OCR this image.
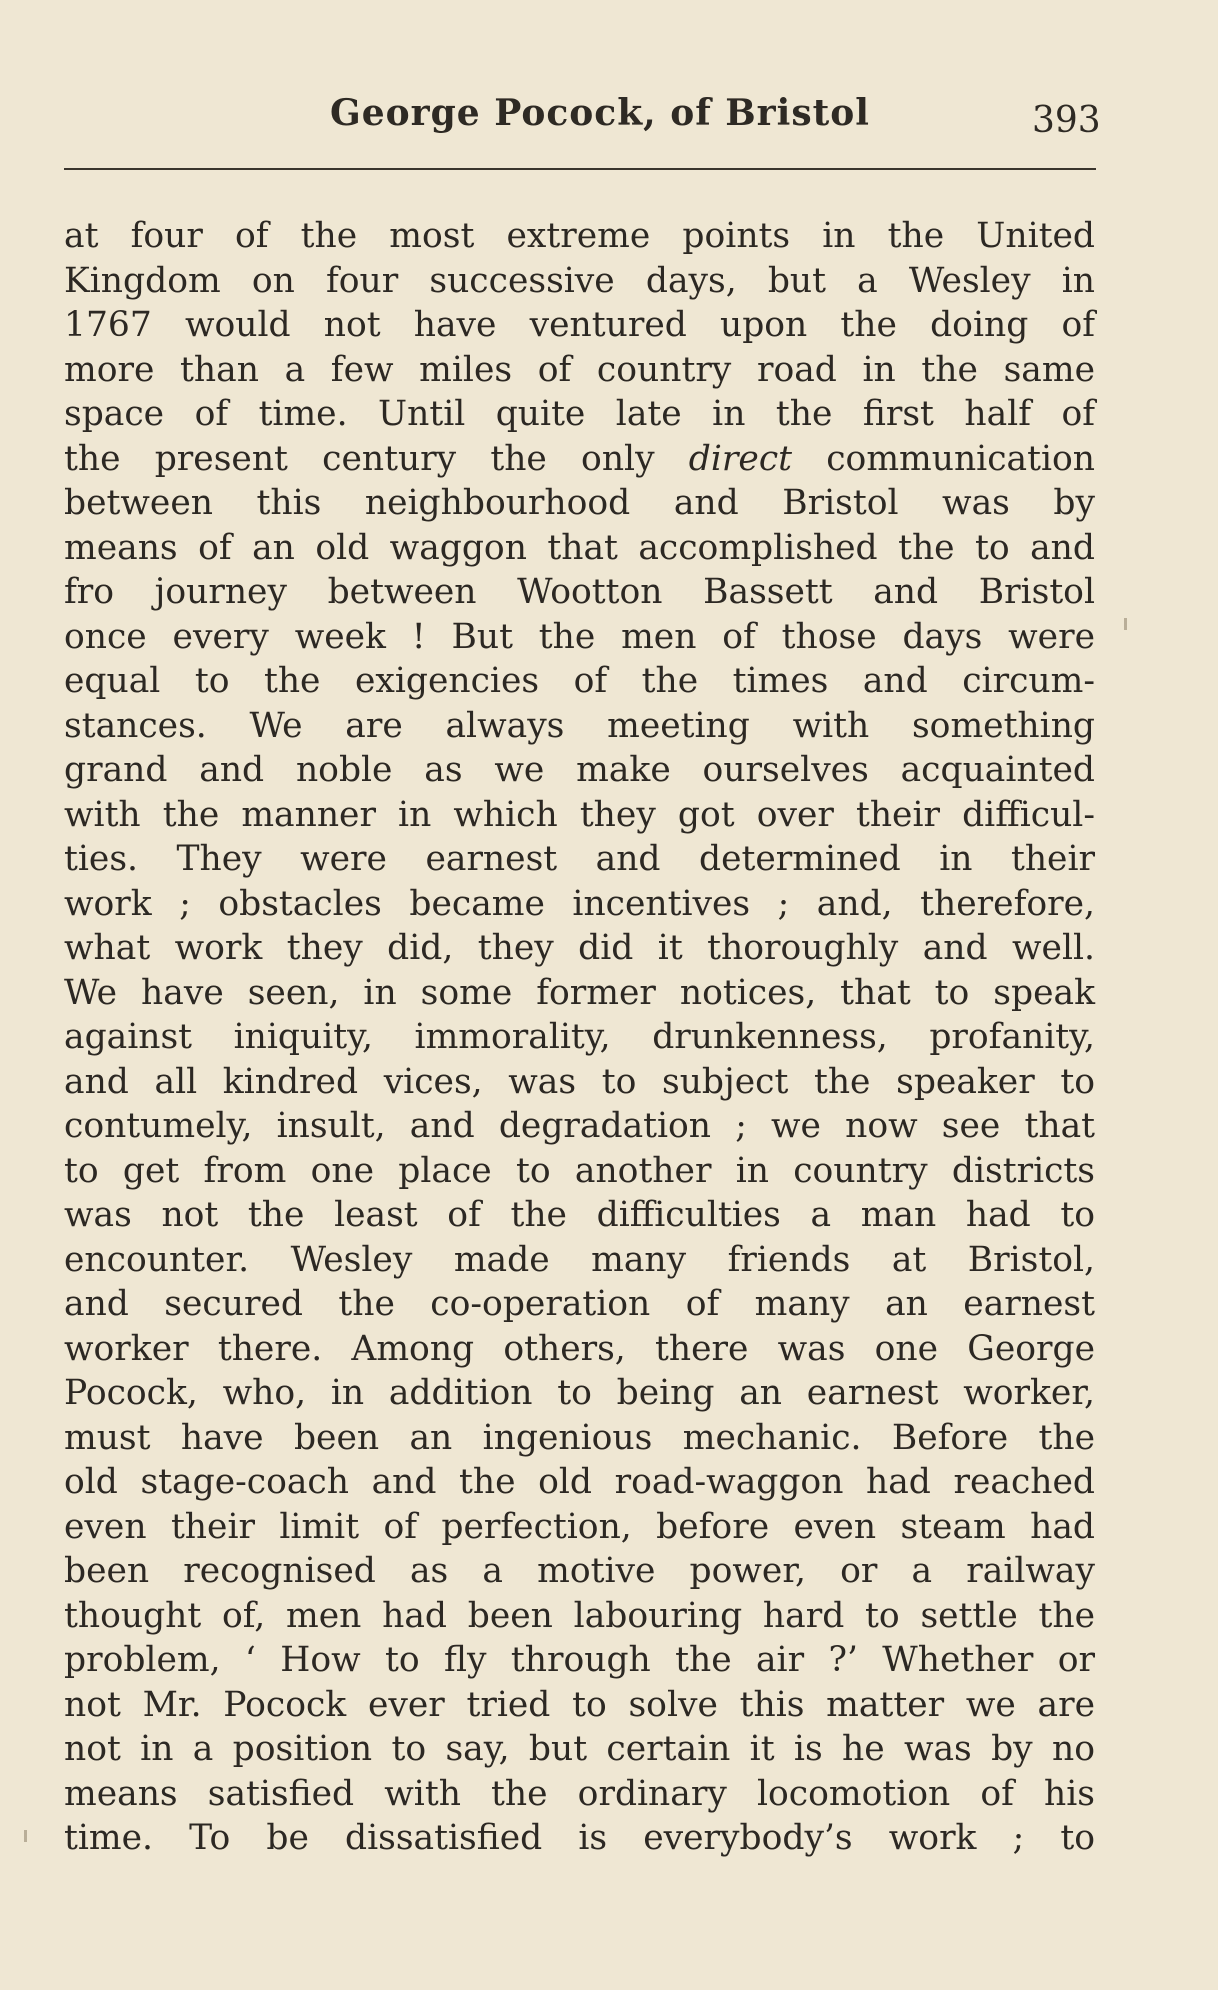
George Pocock, of Bristol	393
at four of the most extreme points in the United
Kingdom on four successive days, but a Wesley in
1767 would not have ventured upon the doing of
more than a few miles of country road in the same
space of time. Until quite late in the first half of
the present century the only direct communication
between this neighbourhood and Bristol was by
means of an old waggon that accomplished the to and
fro journey between Wootton Bassett and Bristol
once every week ! But the men of those days were
equal to the exigencies of the times and circum-
stances. We are always meeting with something
grand and noble as we make ourselves acquainted
with the manner in which they got over their difficul-
ties. They were earnest and determined in their
work ; obstacles became incentives ; and, therefore,
what work they did, they did it thoroughly and well.
We have seen, in some former notices, that to speak
against iniquity, immorality, drunkenness, profanity,
and all kindred vices, was to subject the speaker to
contumely, insult, and degradation ; we now see that
to get from one place to another in country districts
was not the least of the difficulties a man had to
encounter. Wesley made many friends at Bristol,
and secured the co-operation of many an earnest
worker there. Among others, there was one George
Pocock, who, in addition to being an earnest worker,
must have been an ingenious mechanic. Before the
old stage-coach and the old road-waggon had reached
even their limit of perfection, before even steam had
been recognised as a motive power, or a railway
thought of, men had been labouring hard to settle the
problem, ‘ How to fly through the air ?’ Whether or
not Mr. Pocock ever tried to solve this matter we are
not in a position to say, but certain it is he was by no
means satisfied with the ordinary locomotion of his
time. To be dissatisfied is everybody’s work ; to
